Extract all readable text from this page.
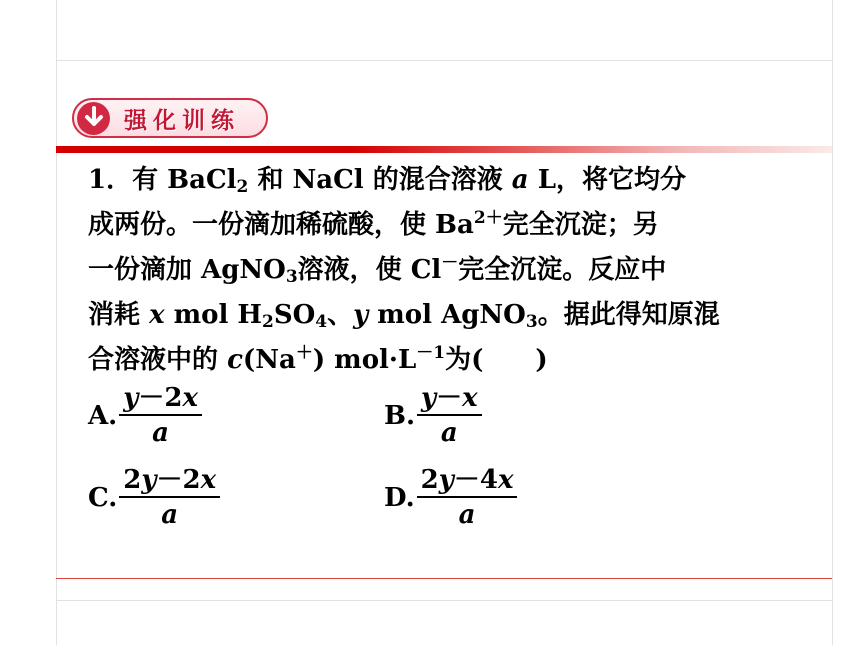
强化训练
1．有 BaCl$_2$ 和 NaCl 的混合溶液 a L，将它均分
成两份。一份滴加稀硫酸，使 $Ba^{2+}$完全沉淀；另
一份滴加 AgNO$_3$溶液，使 Cl－完全沉淀。反应中
消耗 x mol $H_2SO_4$、y mol AgNO$_3$。据此得知原混
合溶液中的 c(Na＋) $mol\cdot L^{-1}$为(　　)
A. $\frac{y-2x}{a}$	B. $\frac{y-x}{a}$
C. $\frac{2y-2x}{a}$	D. $\frac{2y-4x}{a}$
